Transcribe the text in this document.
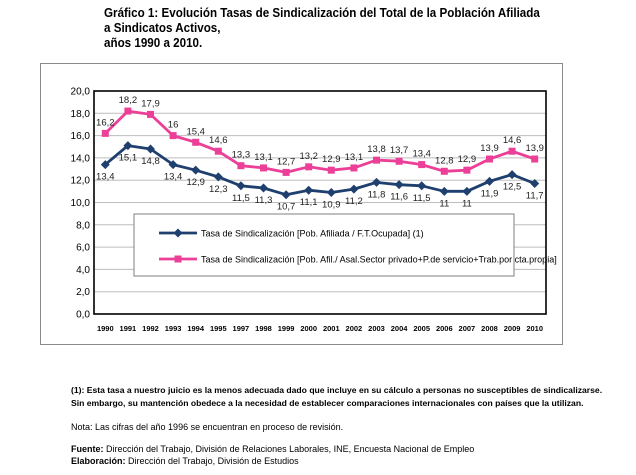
Gráfico 1: Evolución Tasas de Sindicalización del Total de la Población Afiliada a Sindicatos Activos,
años 1990 a 2010.
0,0
2,0
4,0
6,0
8,0
10,0
12,0
14,0
16,0
18,0
20,0
1990 1991 1992 1993 1994 1995 1997 1998 1999 2000 2001 2002 2003 2004 2005 2006 2007 2008 2009 2010
13,4
15,1 14,8
13,4
12,9
12,3
11,5 11,3
10,7 11,1 10,9 11,2
11,8 11,6 11,5
11 11
11,9
12,5
11,7
16,2
18,2 17,9
16
15,4
14,6
13,3 13,1 12,7
13,2 12,9 13,1
13,8 13,7 13,4
12,8 12,9
13,9
14,6
13,9
Tasa de Sindicalización [Pob. Afiliada / F.T.Ocupada] (1)
Tasa de Sindicalización [Pob. Afil./ Asal.Sector privado+P.de servicio+Trab.por cta.propia]
(1): Esta tasa a nuestro juicio es la menos adecuada dado que incluye en su cálculo a personas no susceptibles de sindicalizarse. Sin embargo, su mantención obedece a la necesidad de establecer comparaciones internacionales con países que la utilizan.
Nota: Las cifras del año 1996 se encuentran en proceso de revisión.
Fuente: Dirección del Trabajo, División de Relaciones Laborales, INE, Encuesta Nacional de Empleo
Elaboración: Dirección del Trabajo, División de Estudios
